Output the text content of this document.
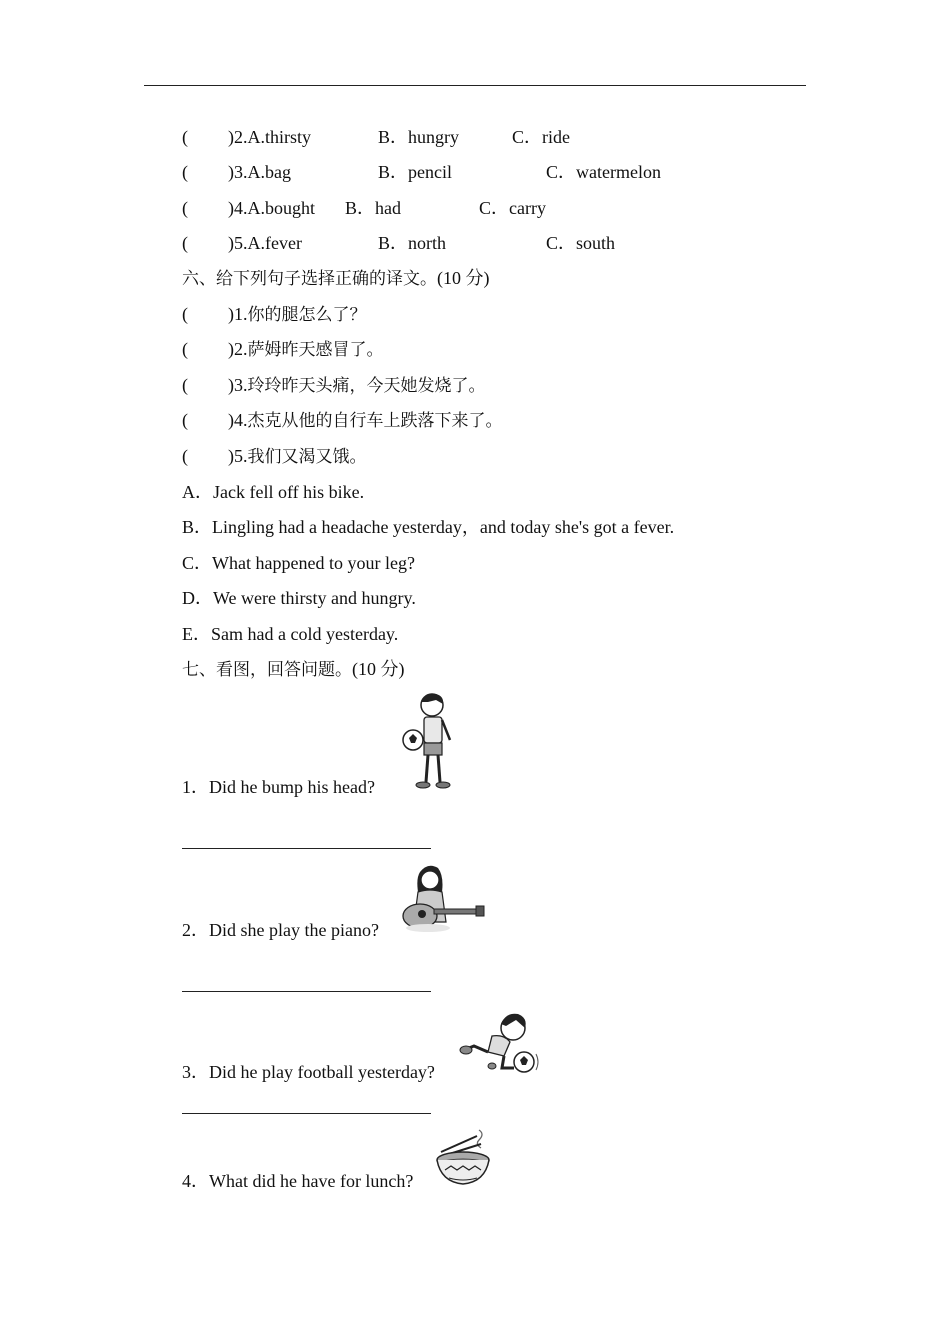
( )2.A.thirsty	B．hungry	C．ride
( )3.A.bag	B．pencil	C．watermelon
( )4.A.bought B．had	C．carry
( )5.A.fever	B．north	C．south
六、给下列句子选择正确的译文。(10 分)
( )1.你的腿怎么了？
( )2.萨姆昨天感冒了。
( )3.玲玲昨天头痛，今天她发烧了。
( )4.杰克从他的自行车上跌落下来了。
( )5.我们又渴又饿。
A．Jack fell off his bike.
B．Lingling had a headache yesterday，and today she's got a fever.
C．What happened to your leg?
D．We were thirsty and hungry.
E．Sam had a cold yesterday.
七、看图，回答问题。(10 分)
1．Did he bump his head?
2．Did she play the piano?
3．Did he play football yesterday?
4．What did he have for lunch?
